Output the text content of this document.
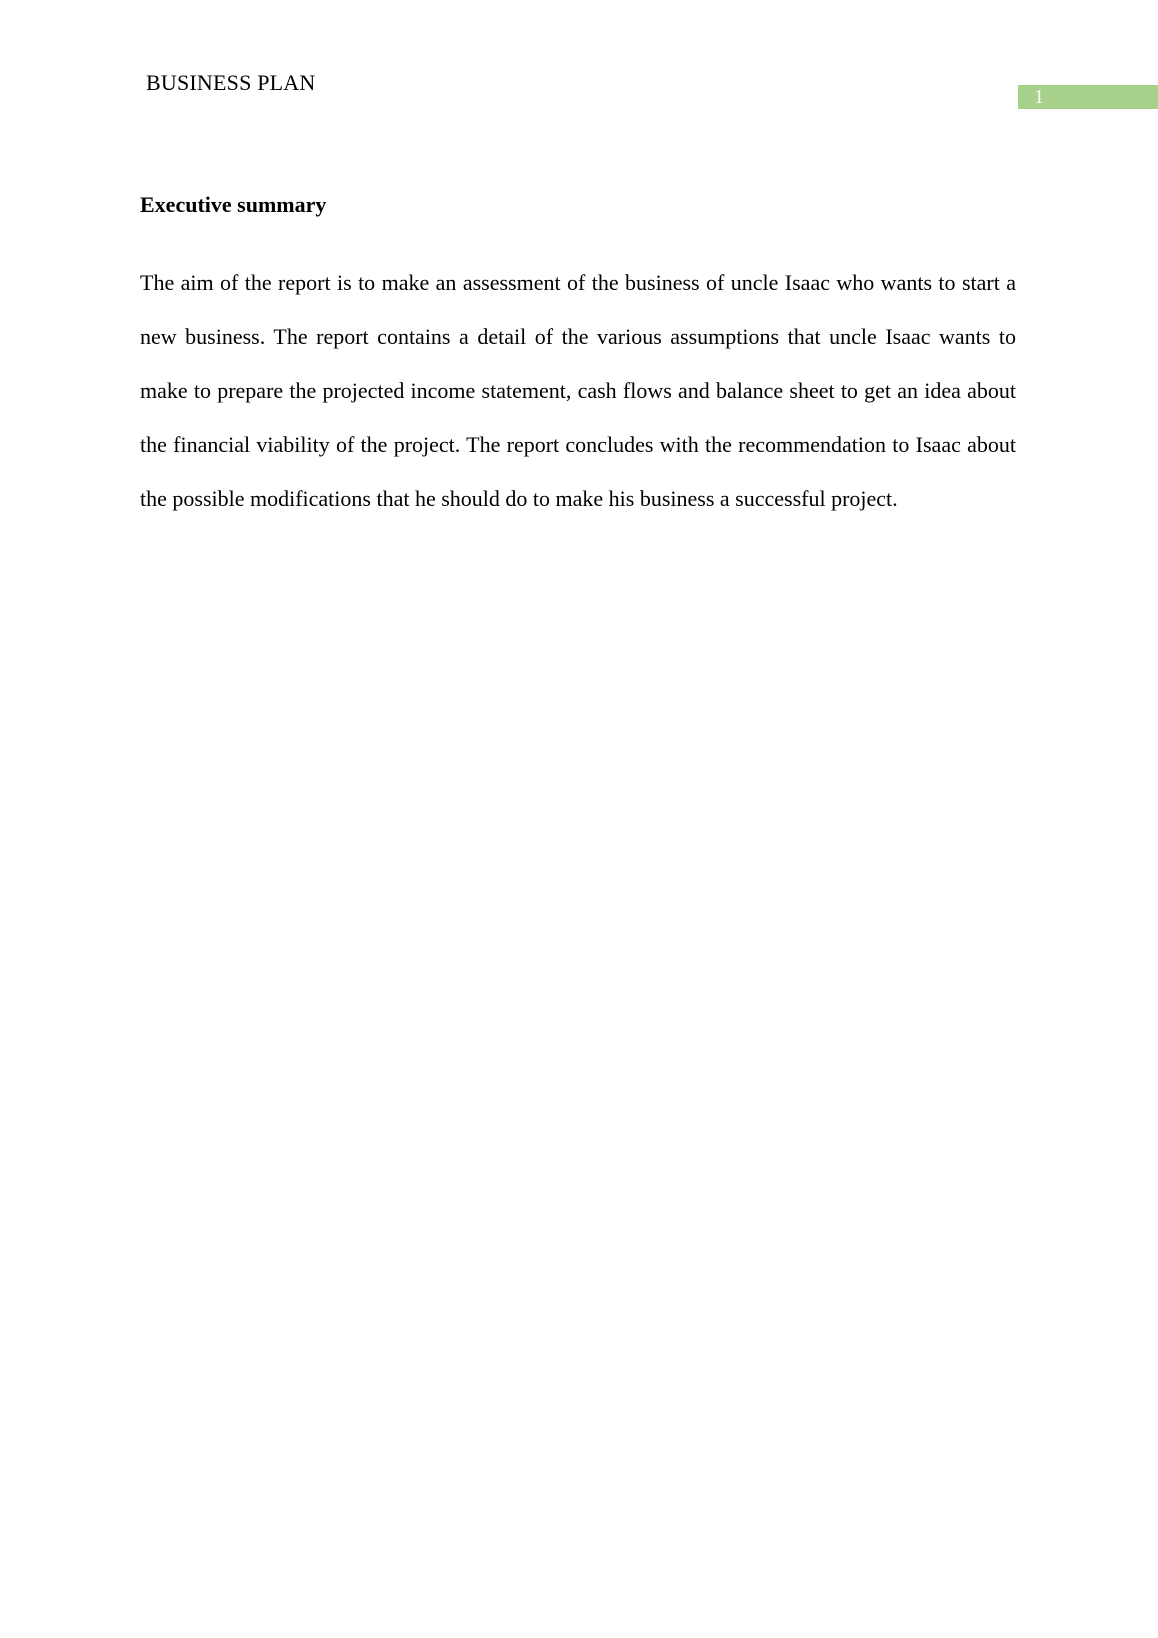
BUSINESS PLAN
1
Executive summary

The aim of the report is to make an assessment of the business of uncle Isaac who wants to start a new business. The report contains a detail of the various assumptions that uncle Isaac wants to make to prepare the projected income statement, cash flows and balance sheet to get an idea about the financial viability of the project. The report concludes with the recommendation to Isaac about the possible modifications that he should do to make his business a successful project.
